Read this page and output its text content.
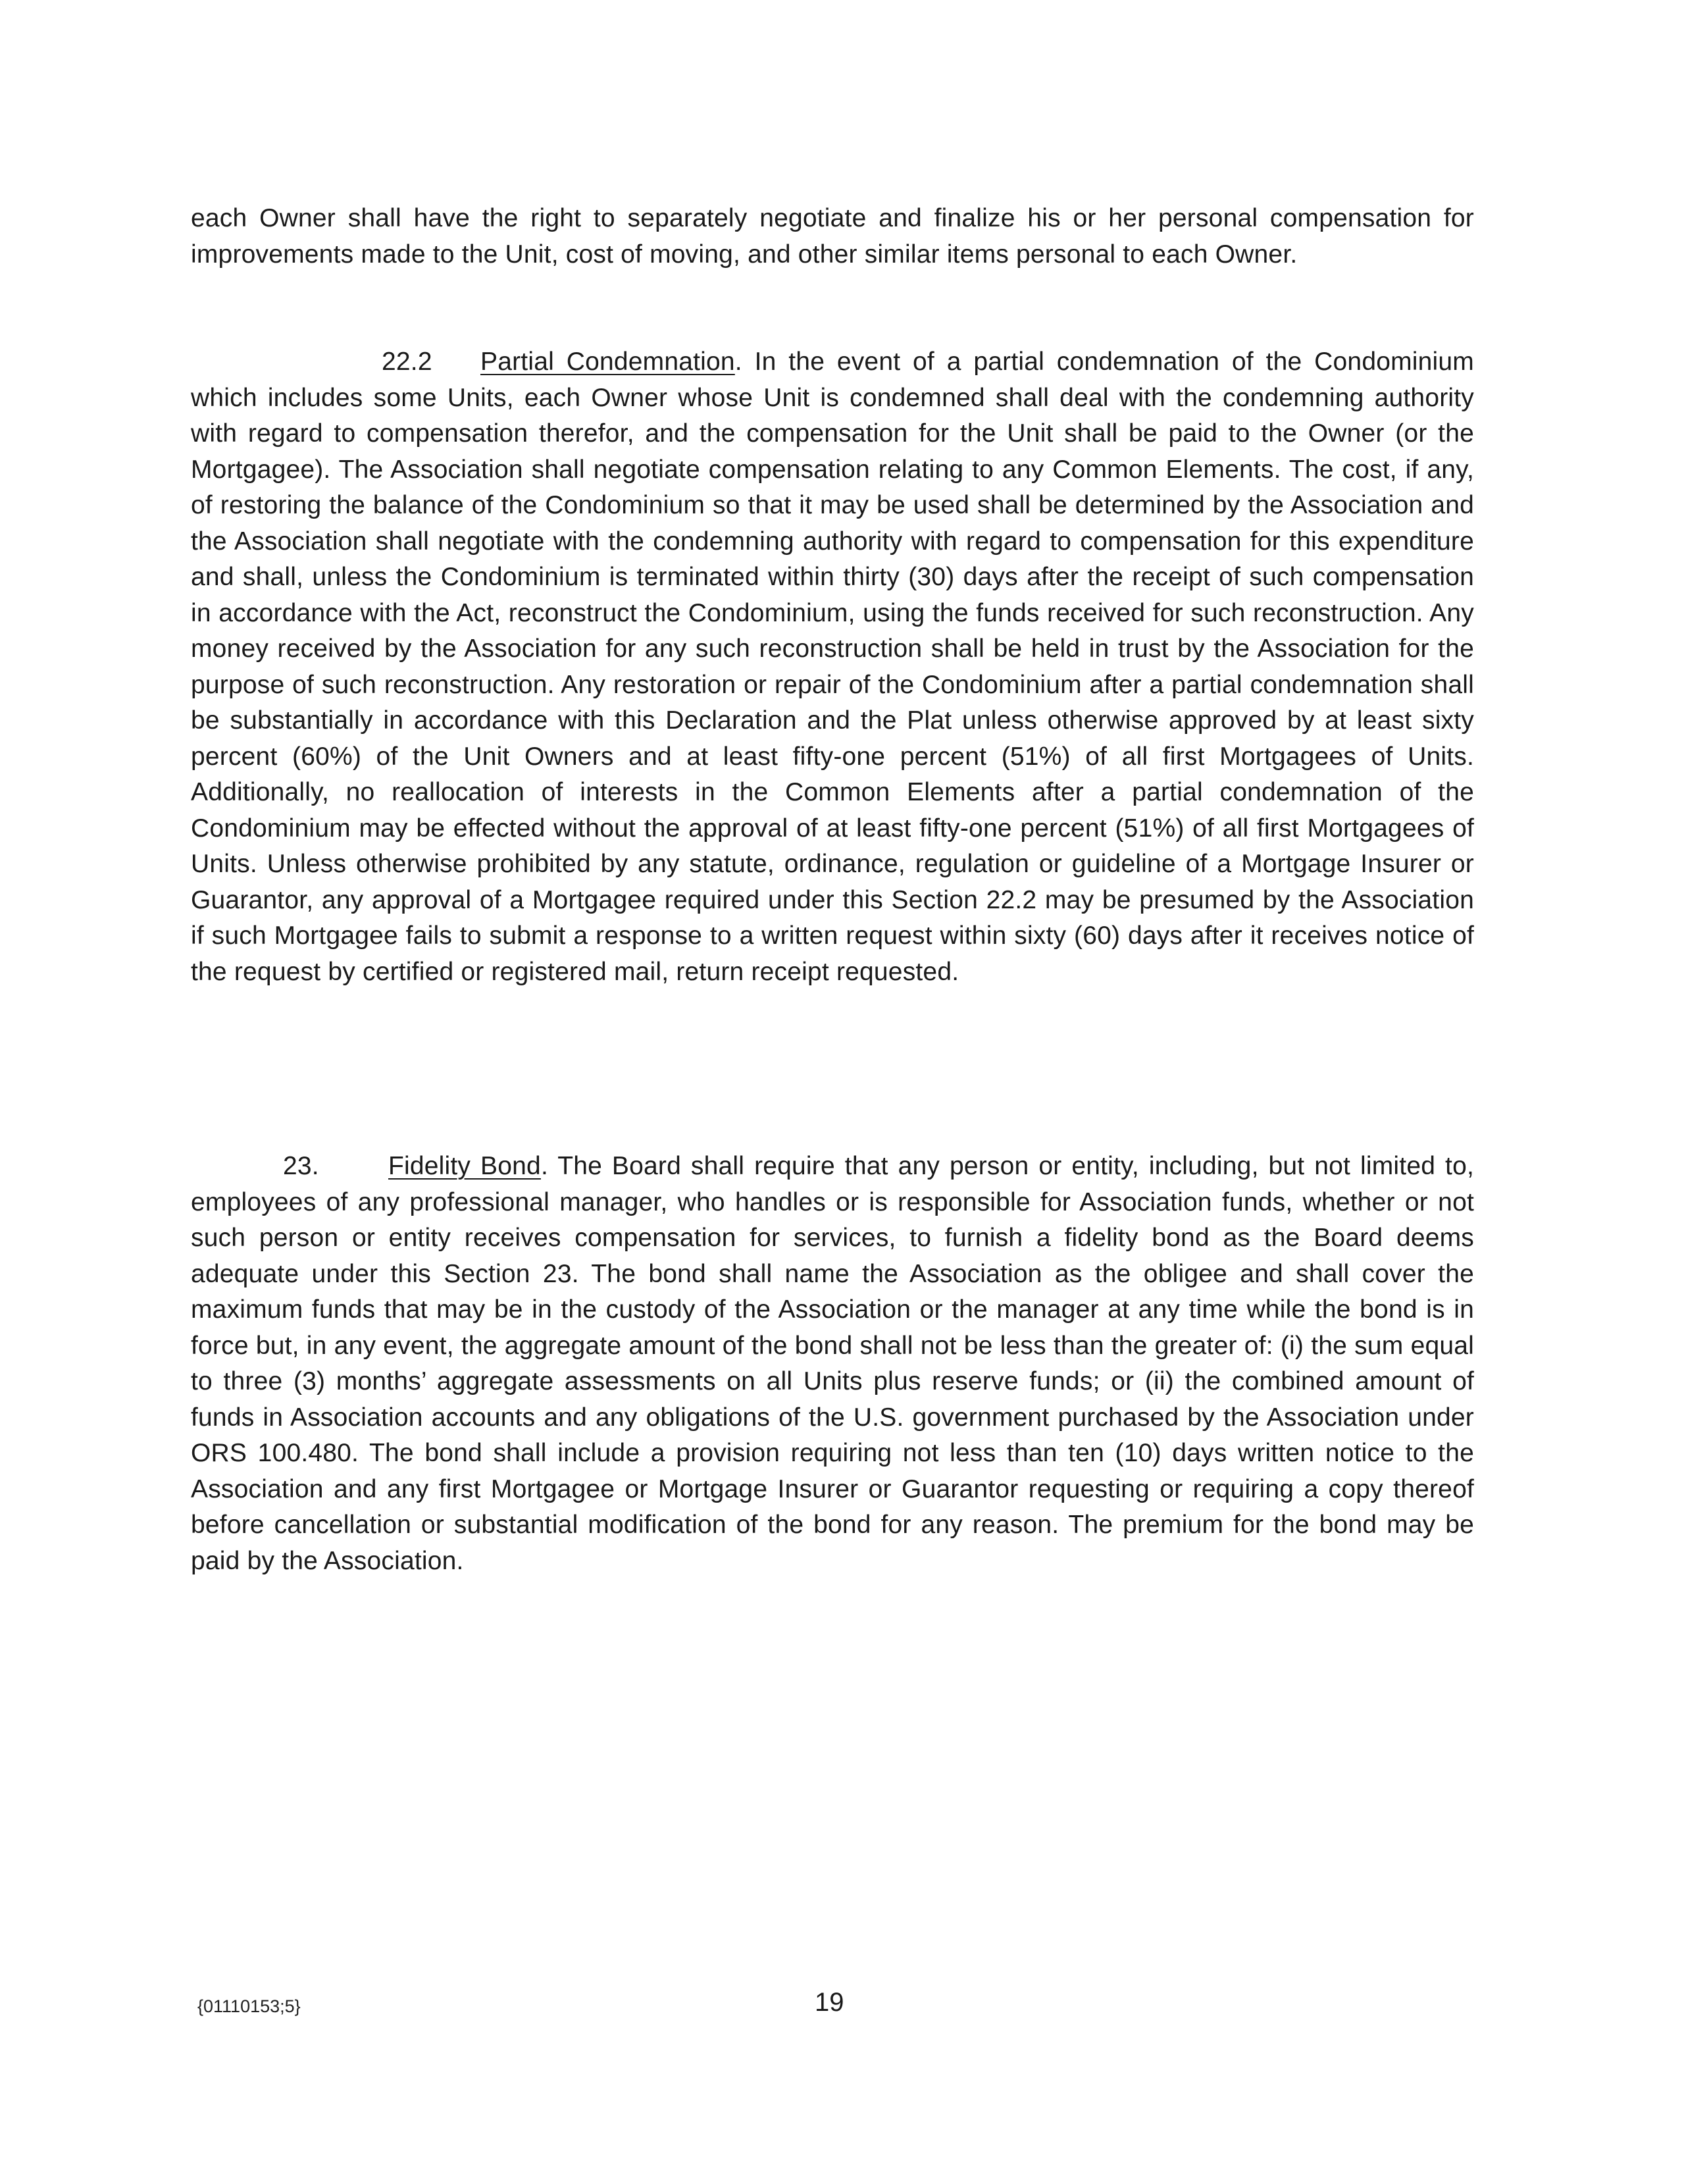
each Owner shall have the right to separately negotiate and finalize his or her personal compensation for improvements made to the Unit, cost of moving, and other similar items personal to each Owner.

22.2 Partial Condemnation. In the event of a partial condemnation of the Condominium which includes some Units, each Owner whose Unit is condemned shall deal with the condemning authority with regard to compensation therefor, and the compensation for the Unit shall be paid to the Owner (or the Mortgagee). The Association shall negotiate compensation relating to any Common Elements. The cost, if any, of restoring the balance of the Condominium so that it may be used shall be determined by the Association and the Association shall negotiate with the condemning authority with regard to compensation for this expenditure and shall, unless the Condominium is terminated within thirty (30) days after the receipt of such compensation in accordance with the Act, reconstruct the Condominium, using the funds received for such reconstruction. Any money received by the Association for any such reconstruction shall be held in trust by the Association for the purpose of such reconstruction. Any restoration or repair of the Condominium after a partial condemnation shall be substantially in accordance with this Declaration and the Plat unless otherwise approved by at least sixty percent (60%) of the Unit Owners and at least fifty-one percent (51%) of all first Mortgagees of Units. Additionally, no reallocation of interests in the Common Elements after a partial condemnation of the Condominium may be effected without the approval of at least fifty-one percent (51%) of all first Mortgagees of Units. Unless otherwise prohibited by any statute, ordinance, regulation or guideline of a Mortgage Insurer or Guarantor, any approval of a Mortgagee required under this Section 22.2 may be presumed by the Association if such Mortgagee fails to submit a response to a written request within sixty (60) days after it receives notice of the request by certified or registered mail, return receipt requested.

23.	Fidelity Bond. The Board shall require that any person or entity, including, but not limited to, employees of any professional manager, who handles or is responsible for Association funds, whether or not such person or entity receives compensation for services, to furnish a fidelity bond as the Board deems adequate under this Section 23. The bond shall name the Association as the obligee and shall cover the maximum funds that may be in the custody of the Association or the manager at any time while the bond is in force but, in any event, the aggregate amount of the bond shall not be less than the greater of: (i) the sum equal to three (3) months’ aggregate assessments on all Units plus reserve funds; or (ii) the combined amount of funds in Association accounts and any obligations of the U.S. government purchased by the Association under ORS 100.480. The bond shall include a provision requiring not less than ten (10) days written notice to the Association and any first Mortgagee or Mortgage Insurer or Guarantor requesting or requiring a copy thereof before cancellation or substantial modification of the bond for any reason. The premium for the bond may be paid by the Association.

{01110153;5}	19
